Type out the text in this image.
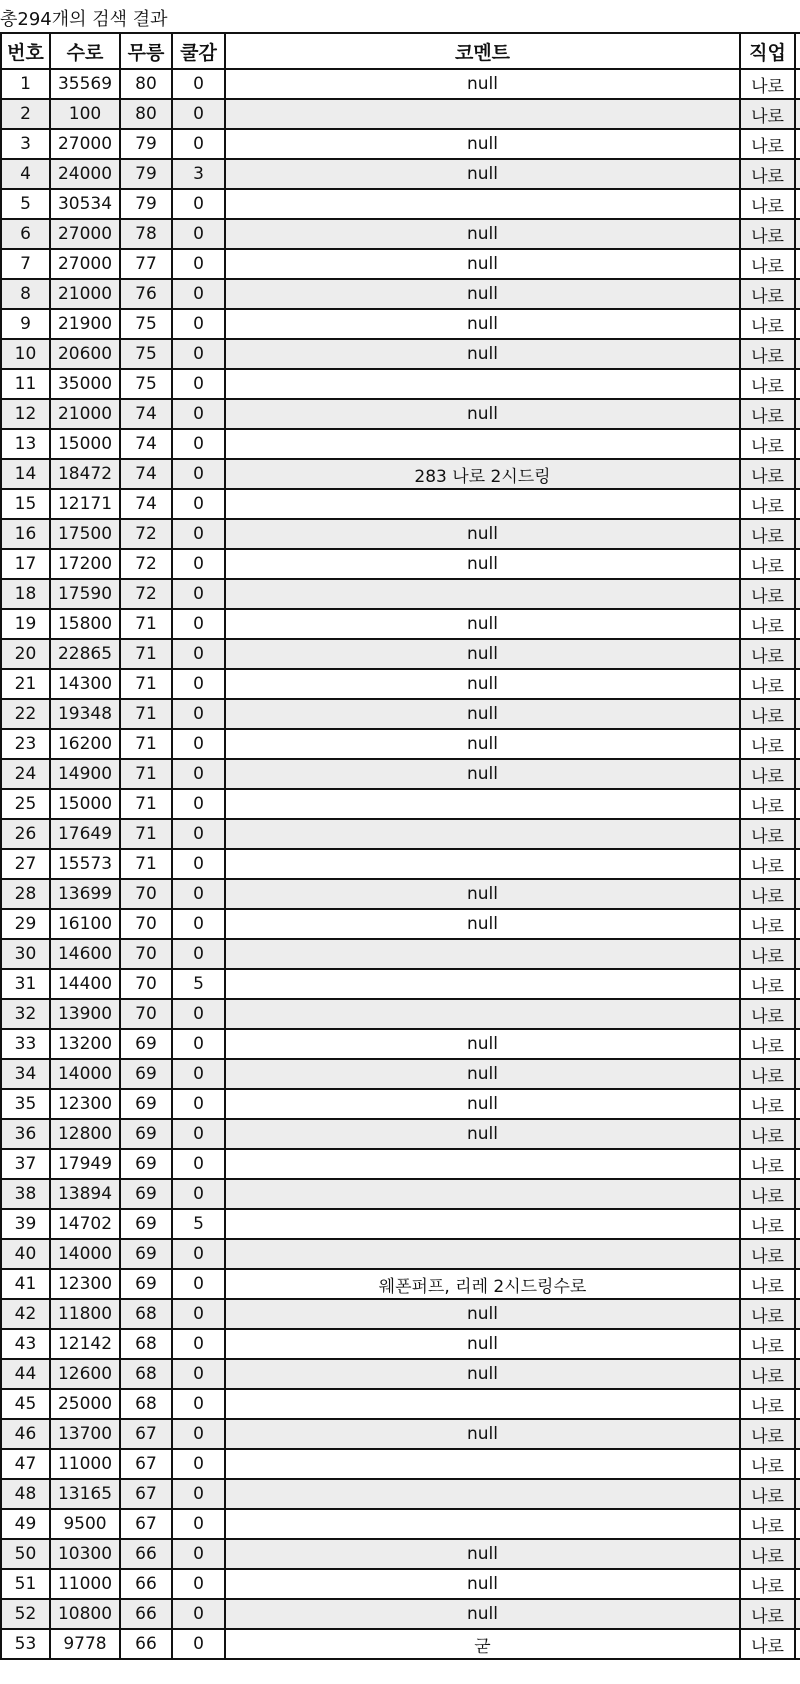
총294개의 검색 결과
번호	수로	무릉	쿨감	코멘트	직업	
1	35569	80	0	null	나로	
2	100	80	0		나로	
3	27000	79	0	null	나로	
4	24000	79	3	null	나로	
5	30534	79	0		나로	
6	27000	78	0	null	나로	
7	27000	77	0	null	나로	
8	21000	76	0	null	나로	
9	21900	75	0	null	나로	
10	20600	75	0	null	나로	
11	35000	75	0		나로	
12	21000	74	0	null	나로	
13	15000	74	0		나로	
14	18472	74	0	283 나로 2시드링	나로	
15	12171	74	0		나로	
16	17500	72	0	null	나로	
17	17200	72	0	null	나로	
18	17590	72	0		나로	
19	15800	71	0	null	나로	
20	22865	71	0	null	나로	
21	14300	71	0	null	나로	
22	19348	71	0	null	나로	
23	16200	71	0	null	나로	
24	14900	71	0	null	나로	
25	15000	71	0		나로	
26	17649	71	0		나로	
27	15573	71	0		나로	
28	13699	70	0	null	나로	
29	16100	70	0	null	나로	
30	14600	70	0		나로	
31	14400	70	5		나로	
32	13900	70	0		나로	
33	13200	69	0	null	나로	
34	14000	69	0	null	나로	
35	12300	69	0	null	나로	
36	12800	69	0	null	나로	
37	17949	69	0		나로	
38	13894	69	0		나로	
39	14702	69	5		나로	
40	14000	69	0		나로	
41	12300	69	0	웨폰퍼프, 리레 2시드링수로	나로	
42	11800	68	0	null	나로	
43	12142	68	0	null	나로	
44	12600	68	0	null	나로	
45	25000	68	0		나로	
46	13700	67	0	null	나로	
47	11000	67	0		나로	
48	13165	67	0		나로	
49	9500	67	0		나로	
50	10300	66	0	null	나로	
51	11000	66	0	null	나로	
52	10800	66	0	null	나로	
53	9778	66	0	굳	나로	
